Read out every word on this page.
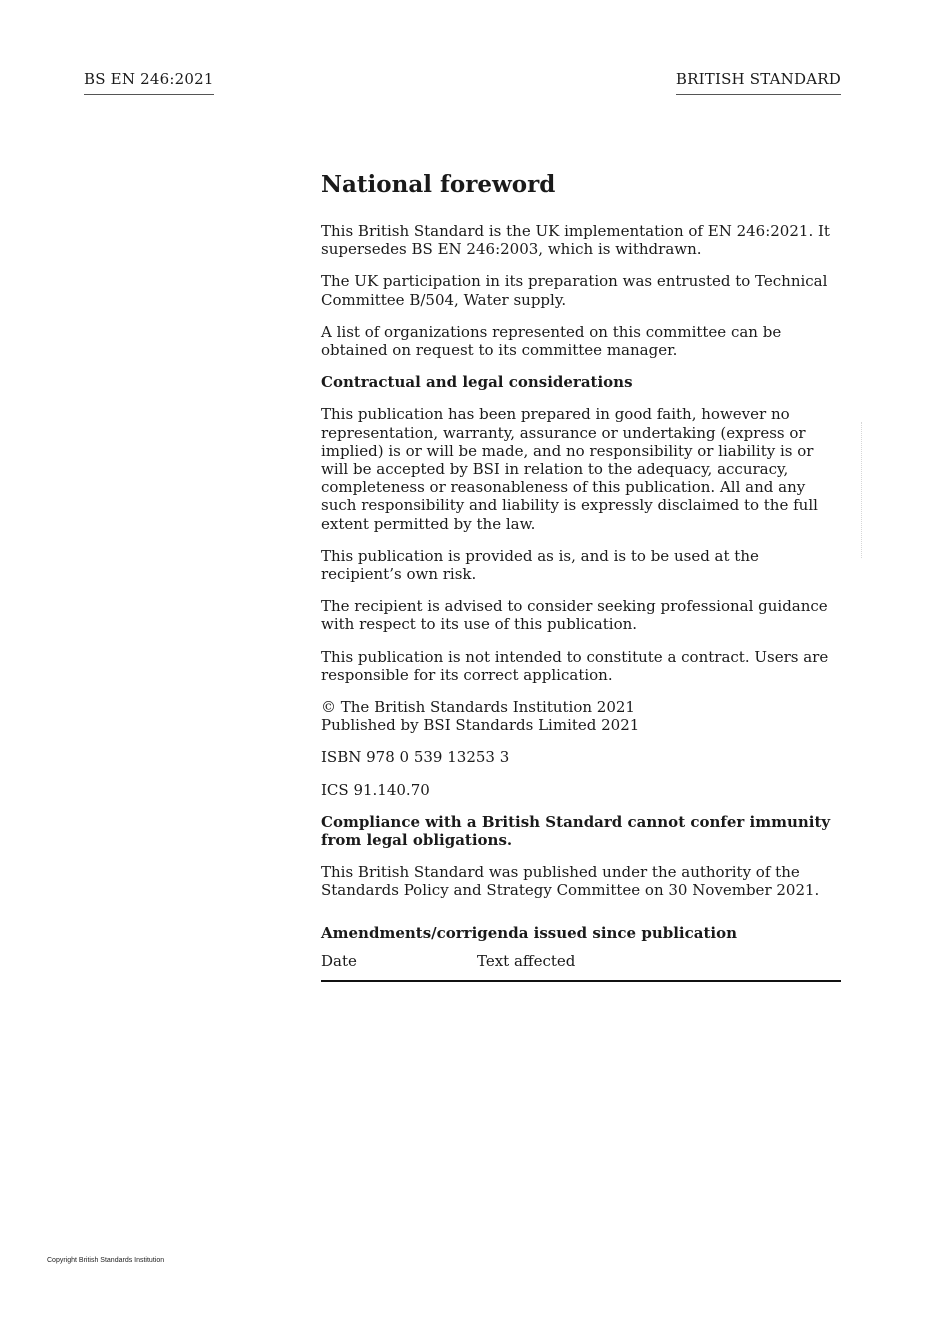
BS EN 246:2021	BRITISH STANDARD
National foreword

This British Standard is the UK implementation of EN 246:2021. It supersedes BS EN 246:2003, which is withdrawn.

The UK participation in its preparation was entrusted to Technical Committee B/504, Water supply.

A list of organizations represented on this committee can be obtained on request to its committee manager.

Contractual and legal considerations

This publication has been prepared in good faith, however no representation, warranty, assurance or undertaking (express or implied) is or will be made, and no responsibility or liability is or will be accepted by BSI in relation to the adequacy, accuracy, completeness or reasonableness of this publication. All and any such responsibility and liability is expressly disclaimed to the full extent permitted by the law.

This publication is provided as is, and is to be used at the recipient’s own risk.

The recipient is advised to consider seeking professional guidance with respect to its use of this publication.

This publication is not intended to constitute a contract. Users are responsible for its correct application.

© The British Standards Institution 2021
Published by BSI Standards Limited 2021

ISBN 978 0 539 13253 3

ICS 91.140.70

Compliance with a British Standard cannot confer immunity from legal obligations.

This British Standard was published under the authority of the Standards Policy and Strategy Committee on 30 November 2021.

Amendments/corrigenda issued since publication
Date	Text affected
Copyright British Standards Institution
